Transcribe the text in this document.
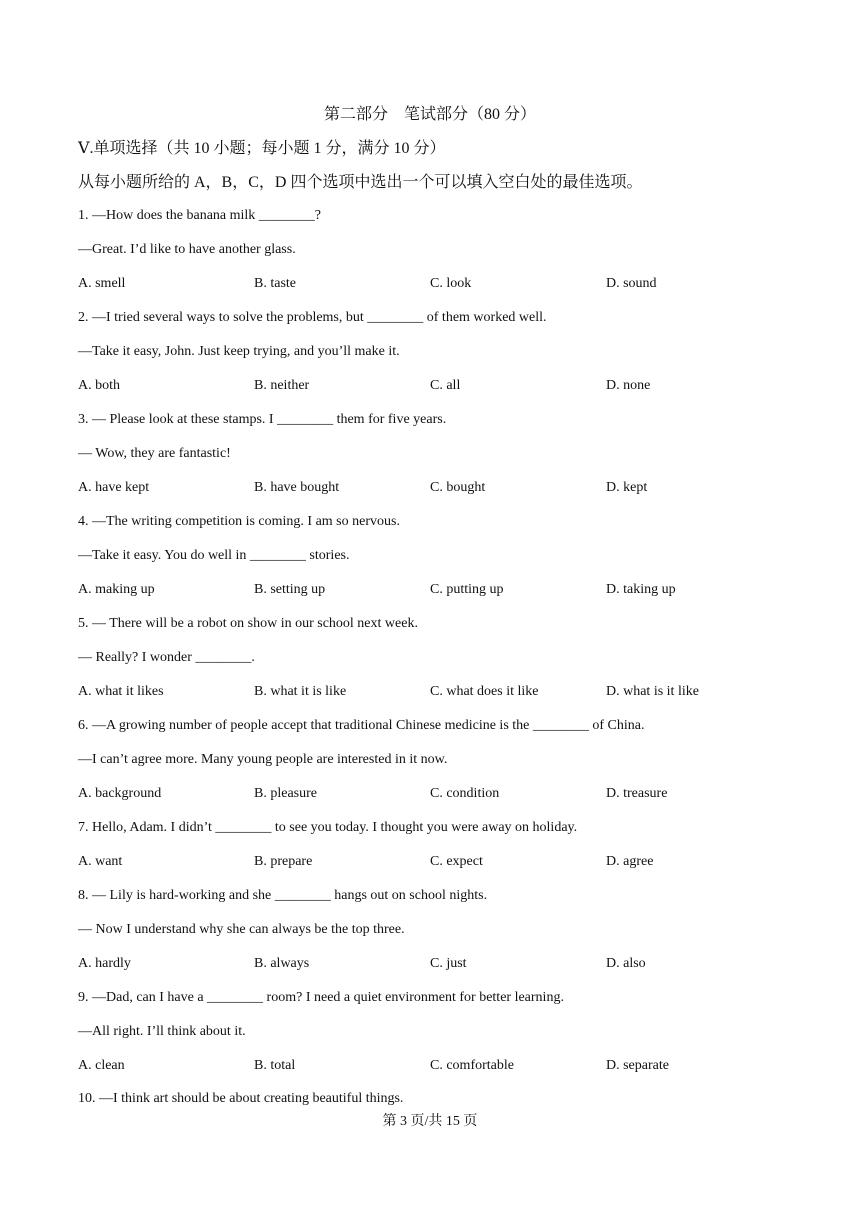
第二部分　笔试部分（80 分）
Ⅴ.单项选择（共 10 小题；每小题 1 分，满分 10 分）
从每小题所给的 A，B，C，D 四个选项中选出一个可以填入空白处的最佳选项。
1. —How does the banana milk ________?
—Great. I’d like to have another glass.
A. smell	B. taste	C. look	D. sound
2. —I tried several ways to solve the problems, but ________ of them worked well.
—Take it easy, John. Just keep trying, and you’ll make it.
A. both	B. neither	C. all	D. none
3. — Please look at these stamps. I ________ them for five years.
— Wow, they are fantastic!
A. have kept	B. have bought	C. bought	D. kept
4. —The writing competition is coming. I am so nervous.
—Take it easy. You do well in ________ stories.
A. making up	B. setting up	C. putting up	D. taking up
5. — There will be a robot on show in our school next week.
— Really? I wonder ________.
A. what it likes	B. what it is like	C. what does it like	D. what is it like
6. —A growing number of people accept that traditional Chinese medicine is the ________ of China.
—I can’t agree more. Many young people are interested in it now.
A. background	B. pleasure	C. condition	D. treasure
7. Hello, Adam. I didn’t ________ to see you today. I thought you were away on holiday.
A. want	B. prepare	C. expect	D. agree
8. — Lily is hard-working and she ________ hangs out on school nights.
— Now I understand why she can always be the top three.
A. hardly	B. always	C. just	D. also
9. —Dad, can I have a ________ room? I need a quiet environment for better learning.
—All right. I’ll think about it.
A. clean	B. total	C. comfortable	D. separate
10. —I think art should be about creating beautiful things.
第 3 页/共 15 页
